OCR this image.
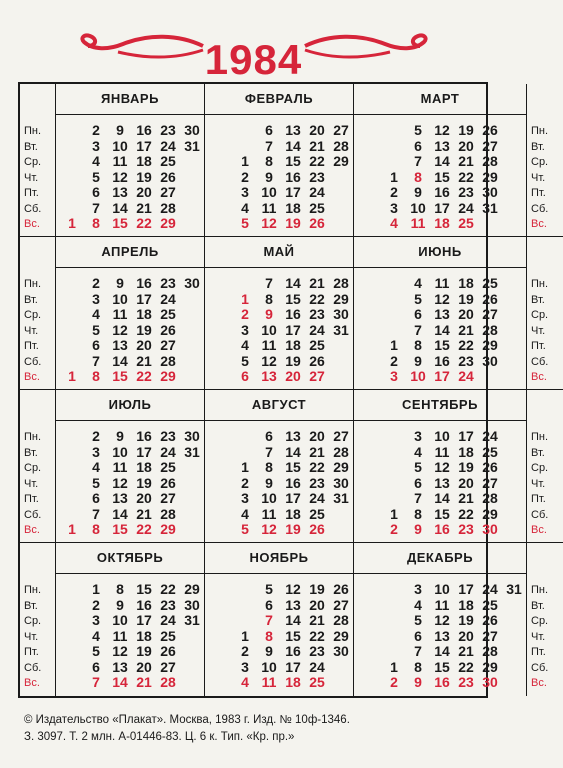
1984
Пн.
Вт.
Ср.
Чт.
Пт.
Сб.
Вс.
ЯНВАРЬ
2 9 16 23 30
3 10 17 24 31
4 11 18 25
5 12 19 26
6 13 20 27
7 14 21 28
1 8 15 22 29
ФЕВРАЛЬ
6 13 20 27
7 14 21 28
1 8 15 22 29
2 9 16 23
3 10 17 24
4 11 18 25
5 12 19 26
МАРТ
5 12 19 26
6 13 20 27
7 14 21 28
1 8 15 22 29
2 9 16 23 30
3 10 17 24 31
4 11 18 25
Пн.
Вт.
Ср.
Чт.
Пт.
Сб.
Вс.
Пн.
Вт.
Ср.
Чт.
Пт.
Сб.
Вс.
АПРЕЛЬ
2 9 16 23 30
3 10 17 24
4 11 18 25
5 12 19 26
6 13 20 27
7 14 21 28
1 8 15 22 29
МАЙ
7 14 21 28
1 8 15 22 29
2 9 16 23 30
3 10 17 24 31
4 11 18 25
5 12 19 26
6 13 20 27
ИЮНЬ
4 11 18 25
5 12 19 26
6 13 20 27
7 14 21 28
1 8 15 22 29
2 9 16 23 30
3 10 17 24
Пн.
Вт.
Ср.
Чт.
Пт.
Сб.
Вс.
Пн.
Вт.
Ср.
Чт.
Пт.
Сб.
Вс.
ИЮЛЬ
2 9 16 23 30
3 10 17 24 31
4 11 18 25
5 12 19 26
6 13 20 27
7 14 21 28
1 8 15 22 29
АВГУСТ
6 13 20 27
7 14 21 28
1 8 15 22 29
2 9 16 23 30
3 10 17 24 31
4 11 18 25
5 12 19 26
СЕНТЯБРЬ
3 10 17 24
4 11 18 25
5 12 19 26
6 13 20 27
7 14 21 28
1 8 15 22 29
2 9 16 23 30
Пн.
Вт.
Ср.
Чт.
Пт.
Сб.
Вс.
Пн.
Вт.
Ср.
Чт.
Пт.
Сб.
Вс.
ОКТЯБРЬ
1 8 15 22 29
2 9 16 23 30
3 10 17 24 31
4 11 18 25
5 12 19 26
6 13 20 27
7 14 21 28
НОЯБРЬ
5 12 19 26
6 13 20 27
7 14 21 28
1 8 15 22 29
2 9 16 23 30
3 10 17 24
4 11 18 25
ДЕКАБРЬ
3 10 17 24 31
4 11 18 25
5 12 19 26
6 13 20 27
7 14 21 28
1 8 15 22 29
2 9 16 23 30
Пн.
Вт.
Ср.
Чт.
Пт.
Сб.
Вс.
© Издательство «Плакат». Москва, 1983 г. Изд. № 10ф-1346.
З. 3097. Т. 2 млн. А-01446-83. Ц. 6 к. Тип. «Кр. пр.»
